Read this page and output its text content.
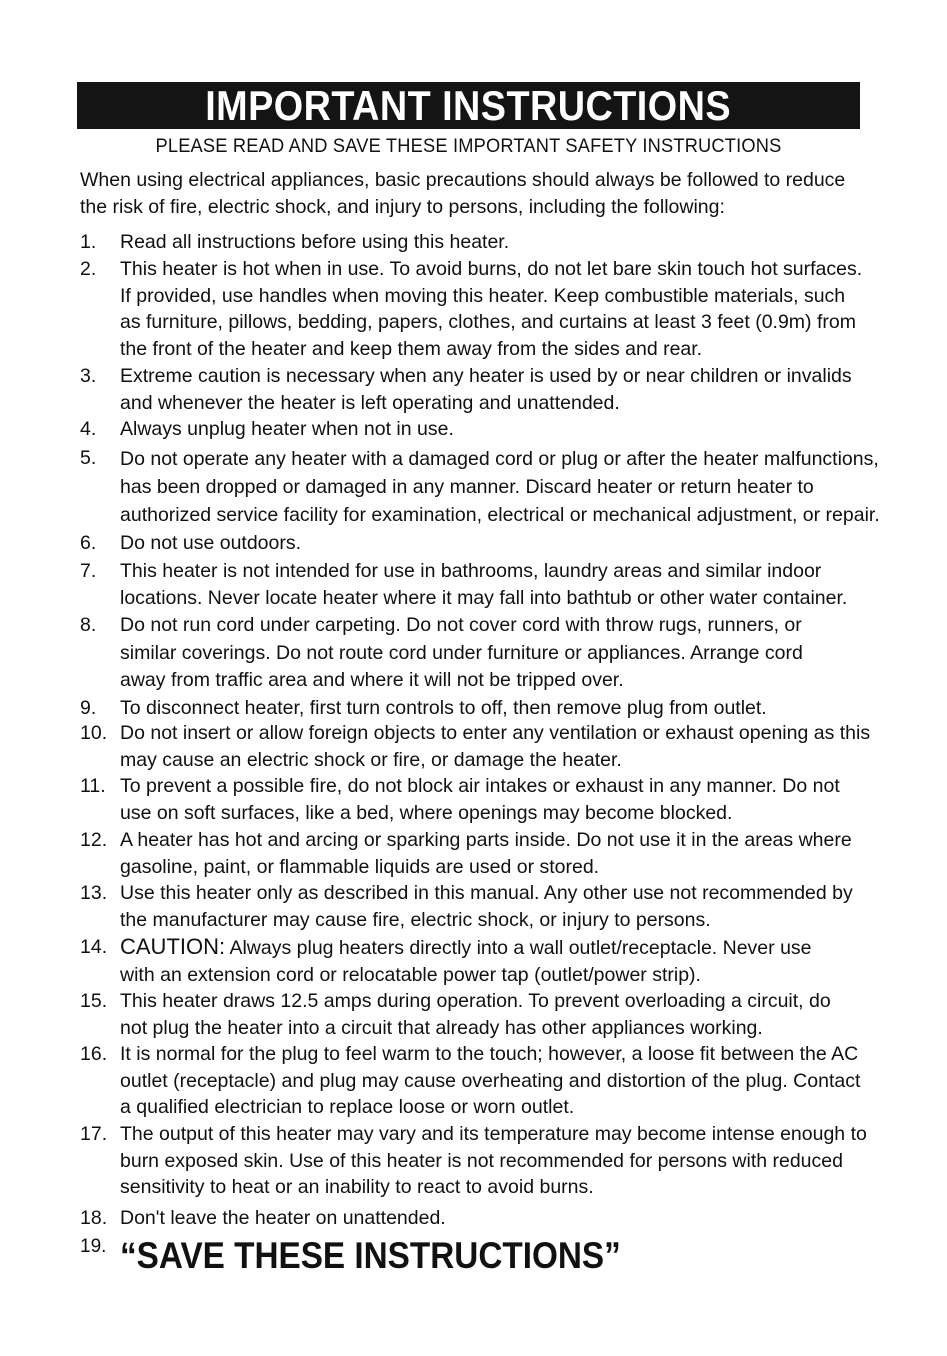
IMPORTANT INSTRUCTIONS
PLEASE READ AND SAVE THESE IMPORTANT SAFETY INSTRUCTIONS
When using electrical appliances, basic precautions should always be followed to reduce
the risk of fire, electric shock, and injury to persons, including the following:
1. Read all instructions before using this heater.
2. This heater is hot when in use. To avoid burns, do not let bare skin touch hot surfaces.
If provided, use handles when moving this heater. Keep combustible materials, such
as furniture, pillows, bedding, papers, clothes, and curtains at least 3 feet (0.9m) from
the front of the heater and keep them away from the sides and rear.
3. Extreme caution is necessary when any heater is used by or near children or invalids
and whenever the heater is left operating and unattended.
4. Always unplug heater when not in use.
5. Do not operate any heater with a damaged cord or plug or after the heater malfunctions,
has been dropped or damaged in any manner. Discard heater or return heater to
authorized service facility for examination, electrical or mechanical adjustment, or repair.
6. Do not use outdoors.
7. This heater is not intended for use in bathrooms, laundry areas and similar indoor
locations. Never locate heater where it may fall into bathtub or other water container.
8. Do not run cord under carpeting. Do not cover cord with throw rugs, runners, or
similar coverings. Do not route cord under furniture or appliances. Arrange cord
away from traffic area and where it will not be tripped over.
9. To disconnect heater, first turn controls to off, then remove plug from outlet.
10. Do not insert or allow foreign objects to enter any ventilation or exhaust opening as this
may cause an electric shock or fire, or damage the heater.
11. To prevent a possible fire, do not block air intakes or exhaust in any manner. Do not
use on soft surfaces, like a bed, where openings may become blocked.
12. A heater has hot and arcing or sparking parts inside. Do not use it in the areas where
gasoline, paint, or flammable liquids are used or stored.
13. Use this heater only as described in this manual. Any other use not recommended by
the manufacturer may cause fire, electric shock, or injury to persons.
14. CAUTION: Always plug heaters directly into a wall outlet/receptacle. Never use
with an extension cord or relocatable power tap (outlet/power strip).
15. This heater draws 12.5 amps during operation. To prevent overloading a circuit, do
not plug the heater into a circuit that already has other appliances working.
16. It is normal for the plug to feel warm to the touch; however, a loose fit between the AC
outlet (receptacle) and plug may cause overheating and distortion of the plug. Contact
a qualified electrician to replace loose or worn outlet.
17. The output of this heater may vary and its temperature may become intense enough to
burn exposed skin. Use of this heater is not recommended for persons with reduced
sensitivity to heat or an inability to react to avoid burns.
18. Don't leave the heater on unattended.
19. “SAVE THESE INSTRUCTIONS”
